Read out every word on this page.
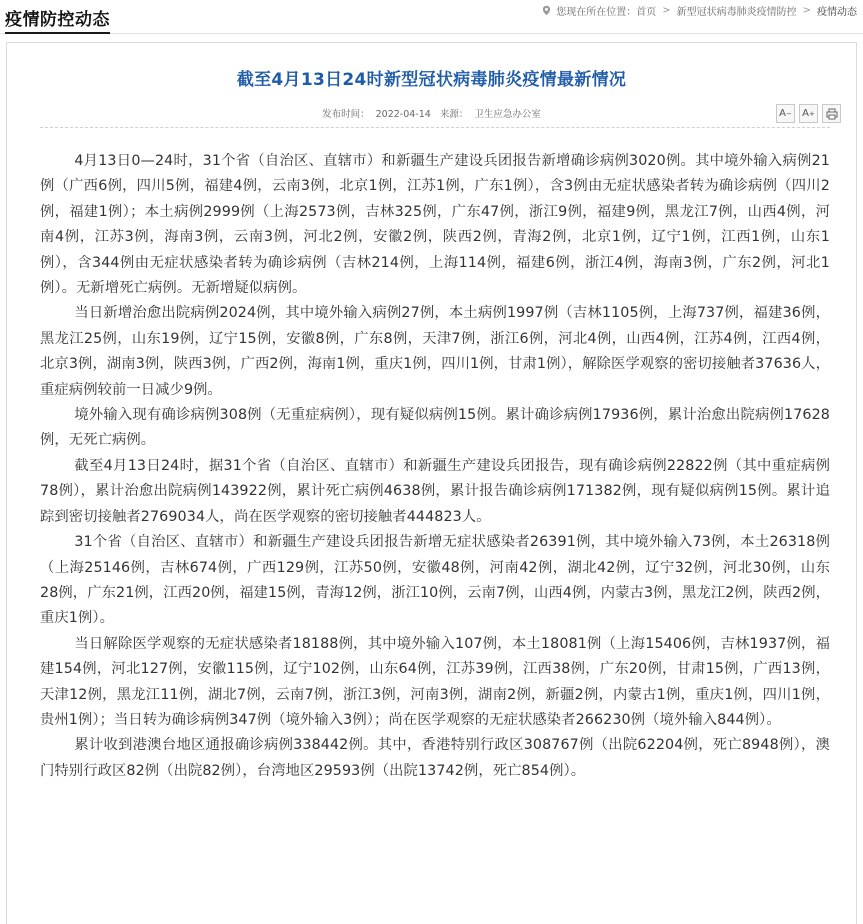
疫情防控动态	您现在所在位置： 首页 > 新型冠状病毒肺炎疫情防控 > 疫情动态
截至4月13日24时新型冠状病毒肺炎疫情最新情况
发布时间： 2022-04-14 来源： 卫生应急办公室	A − A +

4月13日0—24时，31个省（自治区、直辖市）和新疆生产建设兵团报告新增确诊病例3020例。其中境外输入病例21例（广西6例，四川5例，福建4例，云南3例，北京1例，江苏1例，广东1例），含3例由无症状感染者转为确诊病例（四川2例，福建1例）；本土病例2999例（上海2573例，吉林325例，广东47例，浙江9例，福建9例，黑龙江7例，山西4例，河南4例，江苏3例，海南3例，云南3例，河北2例，安徽2例，陕西2例，青海2例，北京1例，辽宁1例，江西1例，山东1例），含344例由无症状感染者转为确诊病例（吉林214例，上海114例，福建6例，浙江4例，海南3例，广东2例，河北1例）。无新增死亡病例。无新增疑似病例。

当日新增治愈出院病例2024例，其中境外输入病例27例，本土病例1997例（吉林1105例，上海737例，福建36例，黑龙江25例，山东19例，辽宁15例，安徽8例，广东8例，天津7例，浙江6例，河北4例，山西4例，江苏4例，江西4例，北京3例，湖南3例，陕西3例，广西2例，海南1例，重庆1例，四川1例，甘肃1例），解除医学观察的密切接触者37636人，重症病例较前一日减少9例。

境外输入现有确诊病例308例（无重症病例），现有疑似病例15例。累计确诊病例17936例，累计治愈出院病例17628例，无死亡病例。

截至4月13日24时，据31个省（自治区、直辖市）和新疆生产建设兵团报告，现有确诊病例22822例（其中重症病例78例），累计治愈出院病例143922例，累计死亡病例4638例，累计报告确诊病例171382例，现有疑似病例15例。累计追踪到密切接触者2769034人，尚在医学观察的密切接触者444823人。

31个省（自治区、直辖市）和新疆生产建设兵团报告新增无症状感染者26391例，其中境外输入73例，本土26318例（上海25146例，吉林674例，广西129例，江苏50例，安徽48例，河南42例，湖北42例，辽宁32例，河北30例，山东28例，广东21例，江西20例，福建15例，青海12例，浙江10例，云南7例，山西4例，内蒙古3例，黑龙江2例，陕西2例，重庆1例）。

当日解除医学观察的无症状感染者18188例，其中境外输入107例，本土18081例（上海15406例，吉林1937例，福建154例，河北127例，安徽115例，辽宁102例，山东64例，江苏39例，江西38例，广东20例，甘肃15例，广西13例，天津12例，黑龙江11例，湖北7例，云南7例，浙江3例，河南3例，湖南2例，新疆2例，内蒙古1例，重庆1例，四川1例，贵州1例）；当日转为确诊病例347例（境外输入3例）；尚在医学观察的无症状感染者266230例（境外输入844例）。

累计收到港澳台地区通报确诊病例338442例。其中，香港特别行政区308767例（出院62204例，死亡8948例），澳门特别行政区82例（出院82例），台湾地区29593例（出院13742例，死亡854例）。
